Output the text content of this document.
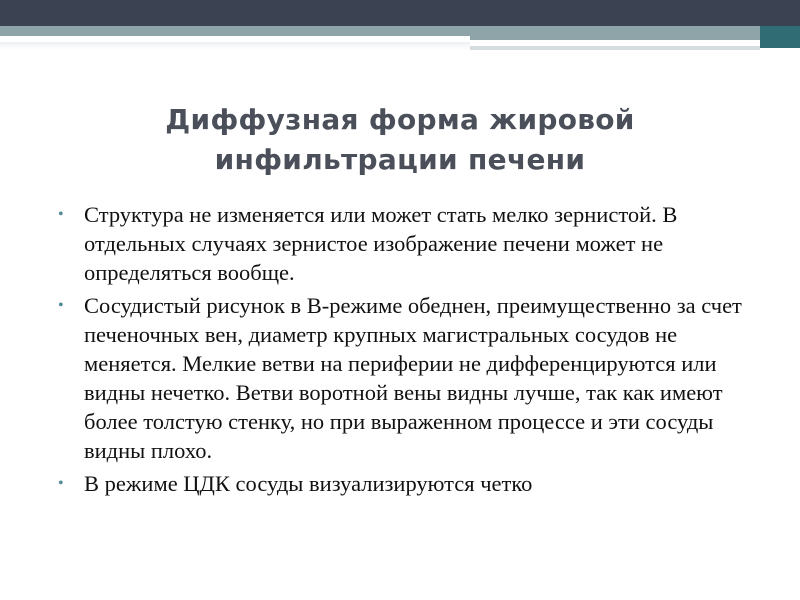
Диффузная форма жировой
инфильтрации печени
• Структура не изменяется или может стать мелко зернистой. В отдельных случаях зернистое изображение печени может не определяться вообще.
• Сосудистый рисунок в В-режиме обеднен, преимущественно за счет печеночных вен, диаметр крупных магистральных сосудов не меняется. Мелкие ветви на периферии не дифференцируются или видны нечетко. Ветви воротной вены видны лучше, так как имеют более толстую стенку, но при выраженном процессе и эти сосуды видны плохо.
• В режиме ЦДК сосуды визуализируются четко
